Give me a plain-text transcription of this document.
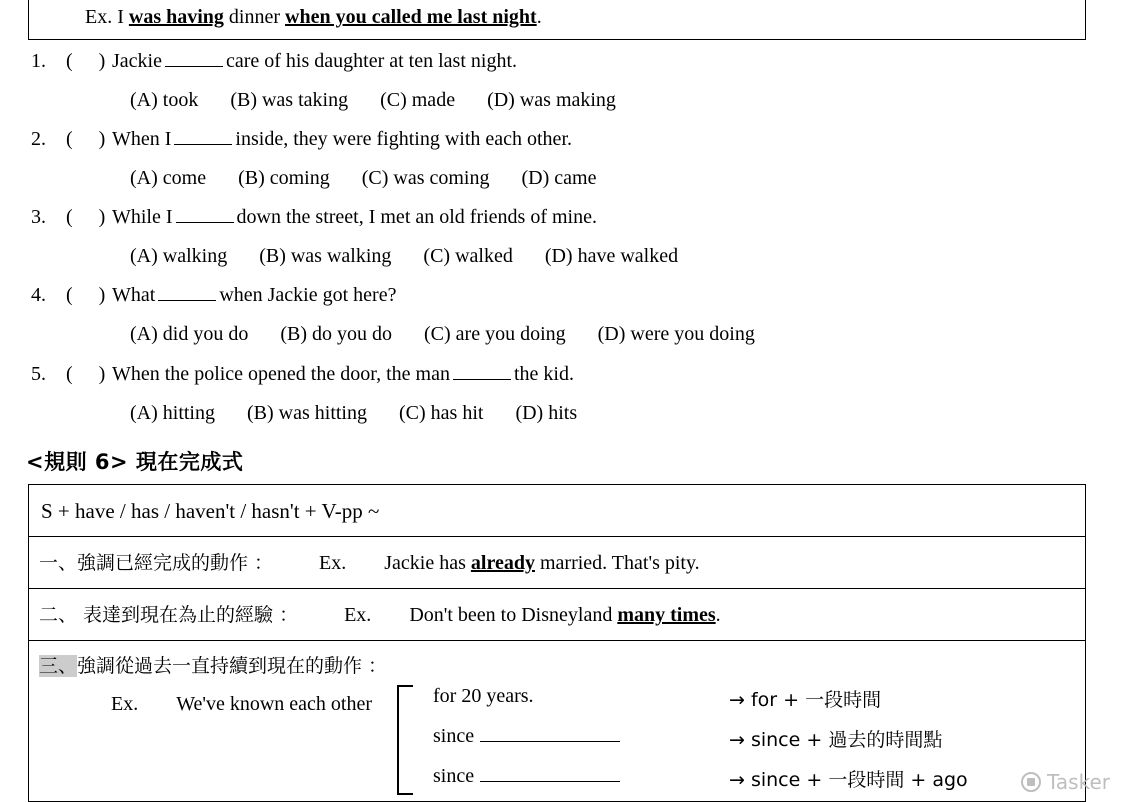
Ex. I was having dinner when you called me last night.
1. ( ) Jackie	care of his daughter at ten last night.
(A) took (B) was taking (C) made (D) was making
2. ( ) When I	inside, they were fighting with each other.
(A) come (B) coming (C) was coming (D) came
3. ( ) While I	down the street, I met an old friends of mine.
(A) walking (B) was walking (C) walked (D) have walked
4. ( ) What	when Jackie got here?
(A) did you do (B) do you do (C) are you doing (D) were you doing
5. ( ) When the police opened the door, the man	the kid.
(A) hitting (B) was hitting (C) has hit (D) hits
<規則 6> 現在完成式
S + have / has / haven't / hasn't + V-pp ~
一、強調已經完成的動作 ： Ex. Jackie has already married. That's pity.
二、 表達到現在為止的經驗 ： Ex. Don't been to Disneyland many times.
三、強調從過去一直持續到現在的動作 ：
Ex. We've known each other	for 20 years.	→ for + 一段時間
since	→ since + 過去的時間點
since	→ since + 一段時間 + ago	Tasker
